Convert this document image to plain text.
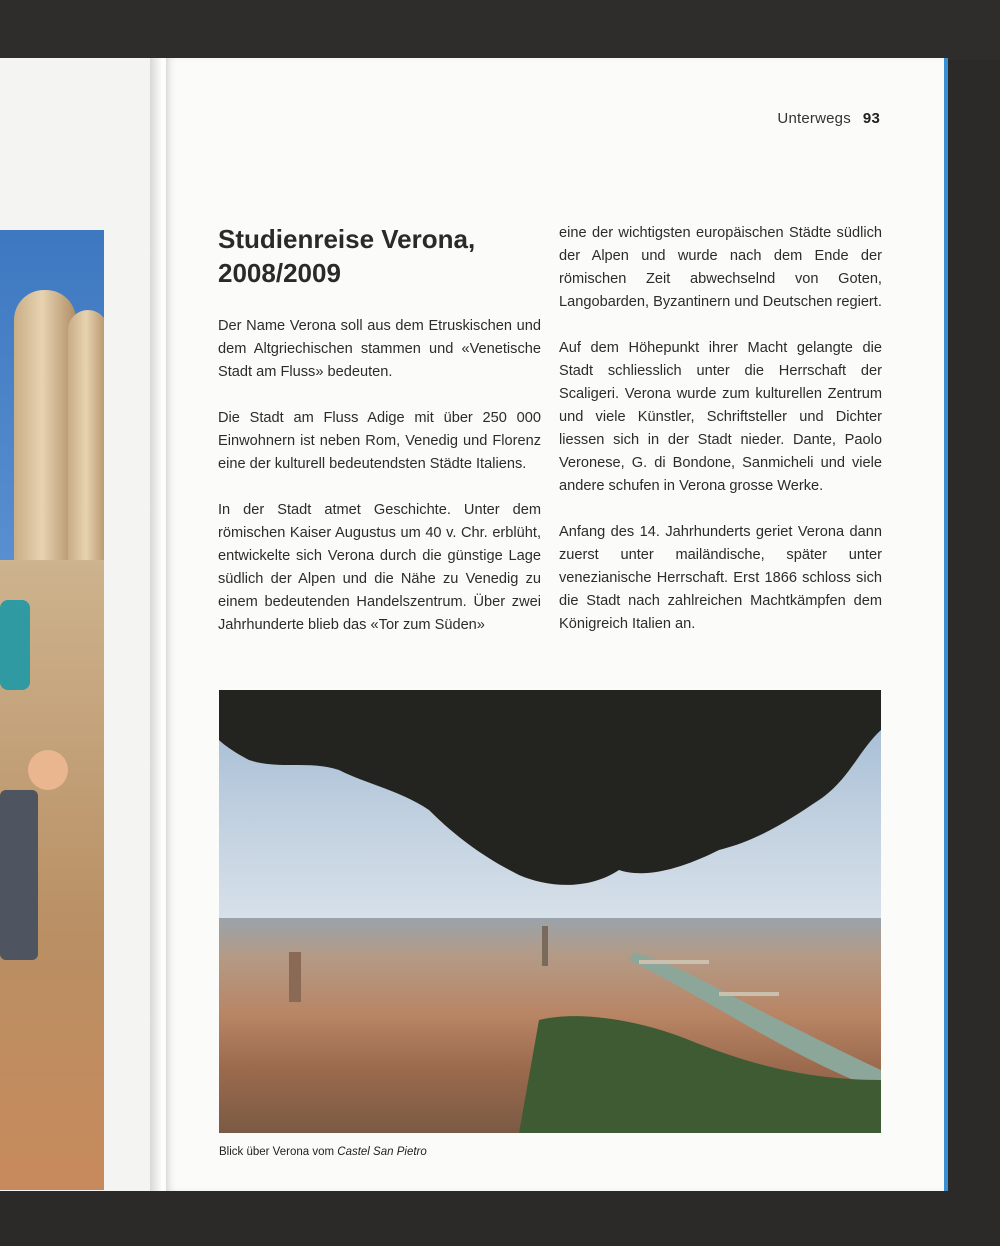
Unterwegs 93
Studienreise Verona,
2008/2009

Der Name Verona soll aus dem Etruskischen und dem Altgriechischen stammen und «Venetische Stadt am Fluss» bedeuten.

Die Stadt am Fluss Adige mit über 250 000 Einwohnern ist neben Rom, Venedig und Florenz eine der kulturell bedeutendsten Städte Italiens.

In der Stadt atmet Geschichte. Unter dem römischen Kaiser Augustus um 40 v. Chr. erblüht, entwickelte sich Verona durch die günstige Lage südlich der Alpen und die Nähe zu Venedig zu einem bedeutenden Handelszentrum. Über zwei Jahrhunderte blieb das «Tor zum Süden»

eine der wichtigsten europäischen Städte südlich der Alpen und wurde nach dem Ende der römischen Zeit abwechselnd von Goten, Langobarden, Byzantinern und Deutschen regiert.

Auf dem Höhepunkt ihrer Macht gelangte die Stadt schliesslich unter die Herrschaft der Scaligeri. Verona wurde zum kulturellen Zentrum und viele Künstler, Schriftsteller und Dichter liessen sich in der Stadt nieder. Dante, Paolo Veronese, G. di Bondone, Sanmicheli und viele andere schufen in Verona grosse Werke.

Anfang des 14. Jahrhunderts geriet Verona dann zuerst unter mailändische, später unter venezianische Herrschaft. Erst 1866 schloss sich die Stadt nach zahlreichen Machtkämpfen dem Königreich Italien an.

Blick über Verona vom Castel San Pietro
